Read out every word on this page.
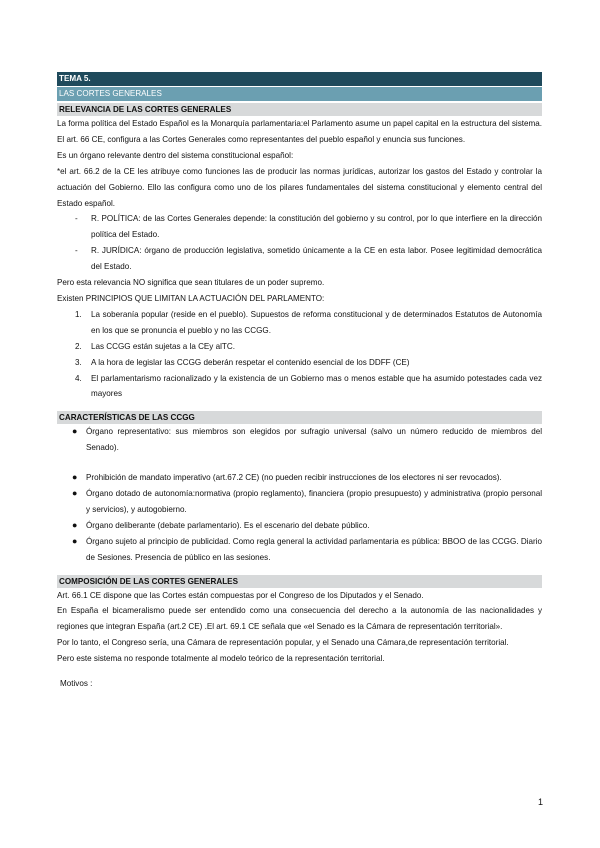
TEMA 5.
LAS CORTES GENERALES
RELEVANCIA DE LAS CORTES GENERALES

La forma política del Estado Español es la Monarquía parlamentaria:el Parlamento asume un papel capital en la estructura del sistema.

El art. 66 CE, configura a las Cortes Generales como representantes del pueblo español y enuncia sus funciones.

Es un órgano relevante dentro del sistema constitucional español:

*el art. 66.2 de la CE les atribuye como funciones las de producir las normas jurídicas, autorizar los gastos del Estado y controlar la actuación del Gobierno. Ello las configura como uno de los pilares fundamentales del sistema constitucional y elemento central del Estado español.

- R. POLÍTICA: de las Cortes Generales depende: la constitución del gobierno y su control, por lo que interfiere en la dirección política del Estado.
- R. JURÍDICA: órgano de producción legislativa, sometido únicamente a la CE en esta labor. Posee legitimidad democrática del Estado.

Pero esta relevancia NO significa que sean titulares de un poder supremo.

Existen PRINCIPIOS QUE LIMITAN LA ACTUACIÓN DEL PARLAMENTO:

1. La soberanía popular (reside en el pueblo). Supuestos de reforma constitucional y de determinados Estatutos de Autonomía en los que se pronuncia el pueblo y no las CCGG.
2. Las CCGG están sujetas a la CEy alTC.
3. A la hora de legislar las CCGG deberán respetar el contenido esencial de los DDFF (CE)
4. El parlamentarismo racionalizado y la existencia de un Gobierno mas o menos estable que ha asumido potestades cada vez mayores
CARACTERÍSTICAS DE LAS CCGG
● Órgano representativo: sus miembros son elegidos por sufragio universal (salvo un número reducido de miembros del Senado).
● Prohibición de mandato imperativo (art.67.2 CE) (no pueden recibir instrucciones de los electores ni ser revocados).
● Órgano dotado de autonomía:normativa (propio reglamento), financiera (propio presupuesto) y administrativa (propio personal y servicios), y autogobierno.
● Órgano deliberante (debate parlamentario). Es el escenario del debate público.
● Órgano sujeto al principio de publicidad. Como regla general la actividad parlamentaria es pública: BBOO de las CCGG. Diario de Sesiones. Presencia de público en las sesiones.
COMPOSICIÓN DE LAS CORTES GENERALES

Art. 66.1 CE dispone que las Cortes están compuestas por el Congreso de los Diputados y el Senado.

En España el bicameralismo puede ser entendido como una consecuencia del derecho a la autonomía de las nacionalidades y regiones que integran España (art.2 CE) .El art. 69.1 CE señala que «el Senado es la Cámara de representación territorial».

Por lo tanto, el Congreso sería, una Cámara de representación popular, y el Senado una Cámara,de representación territorial.

Pero este sistema no responde totalmente al modelo teórico de la representación territorial.

Motivos :

1
